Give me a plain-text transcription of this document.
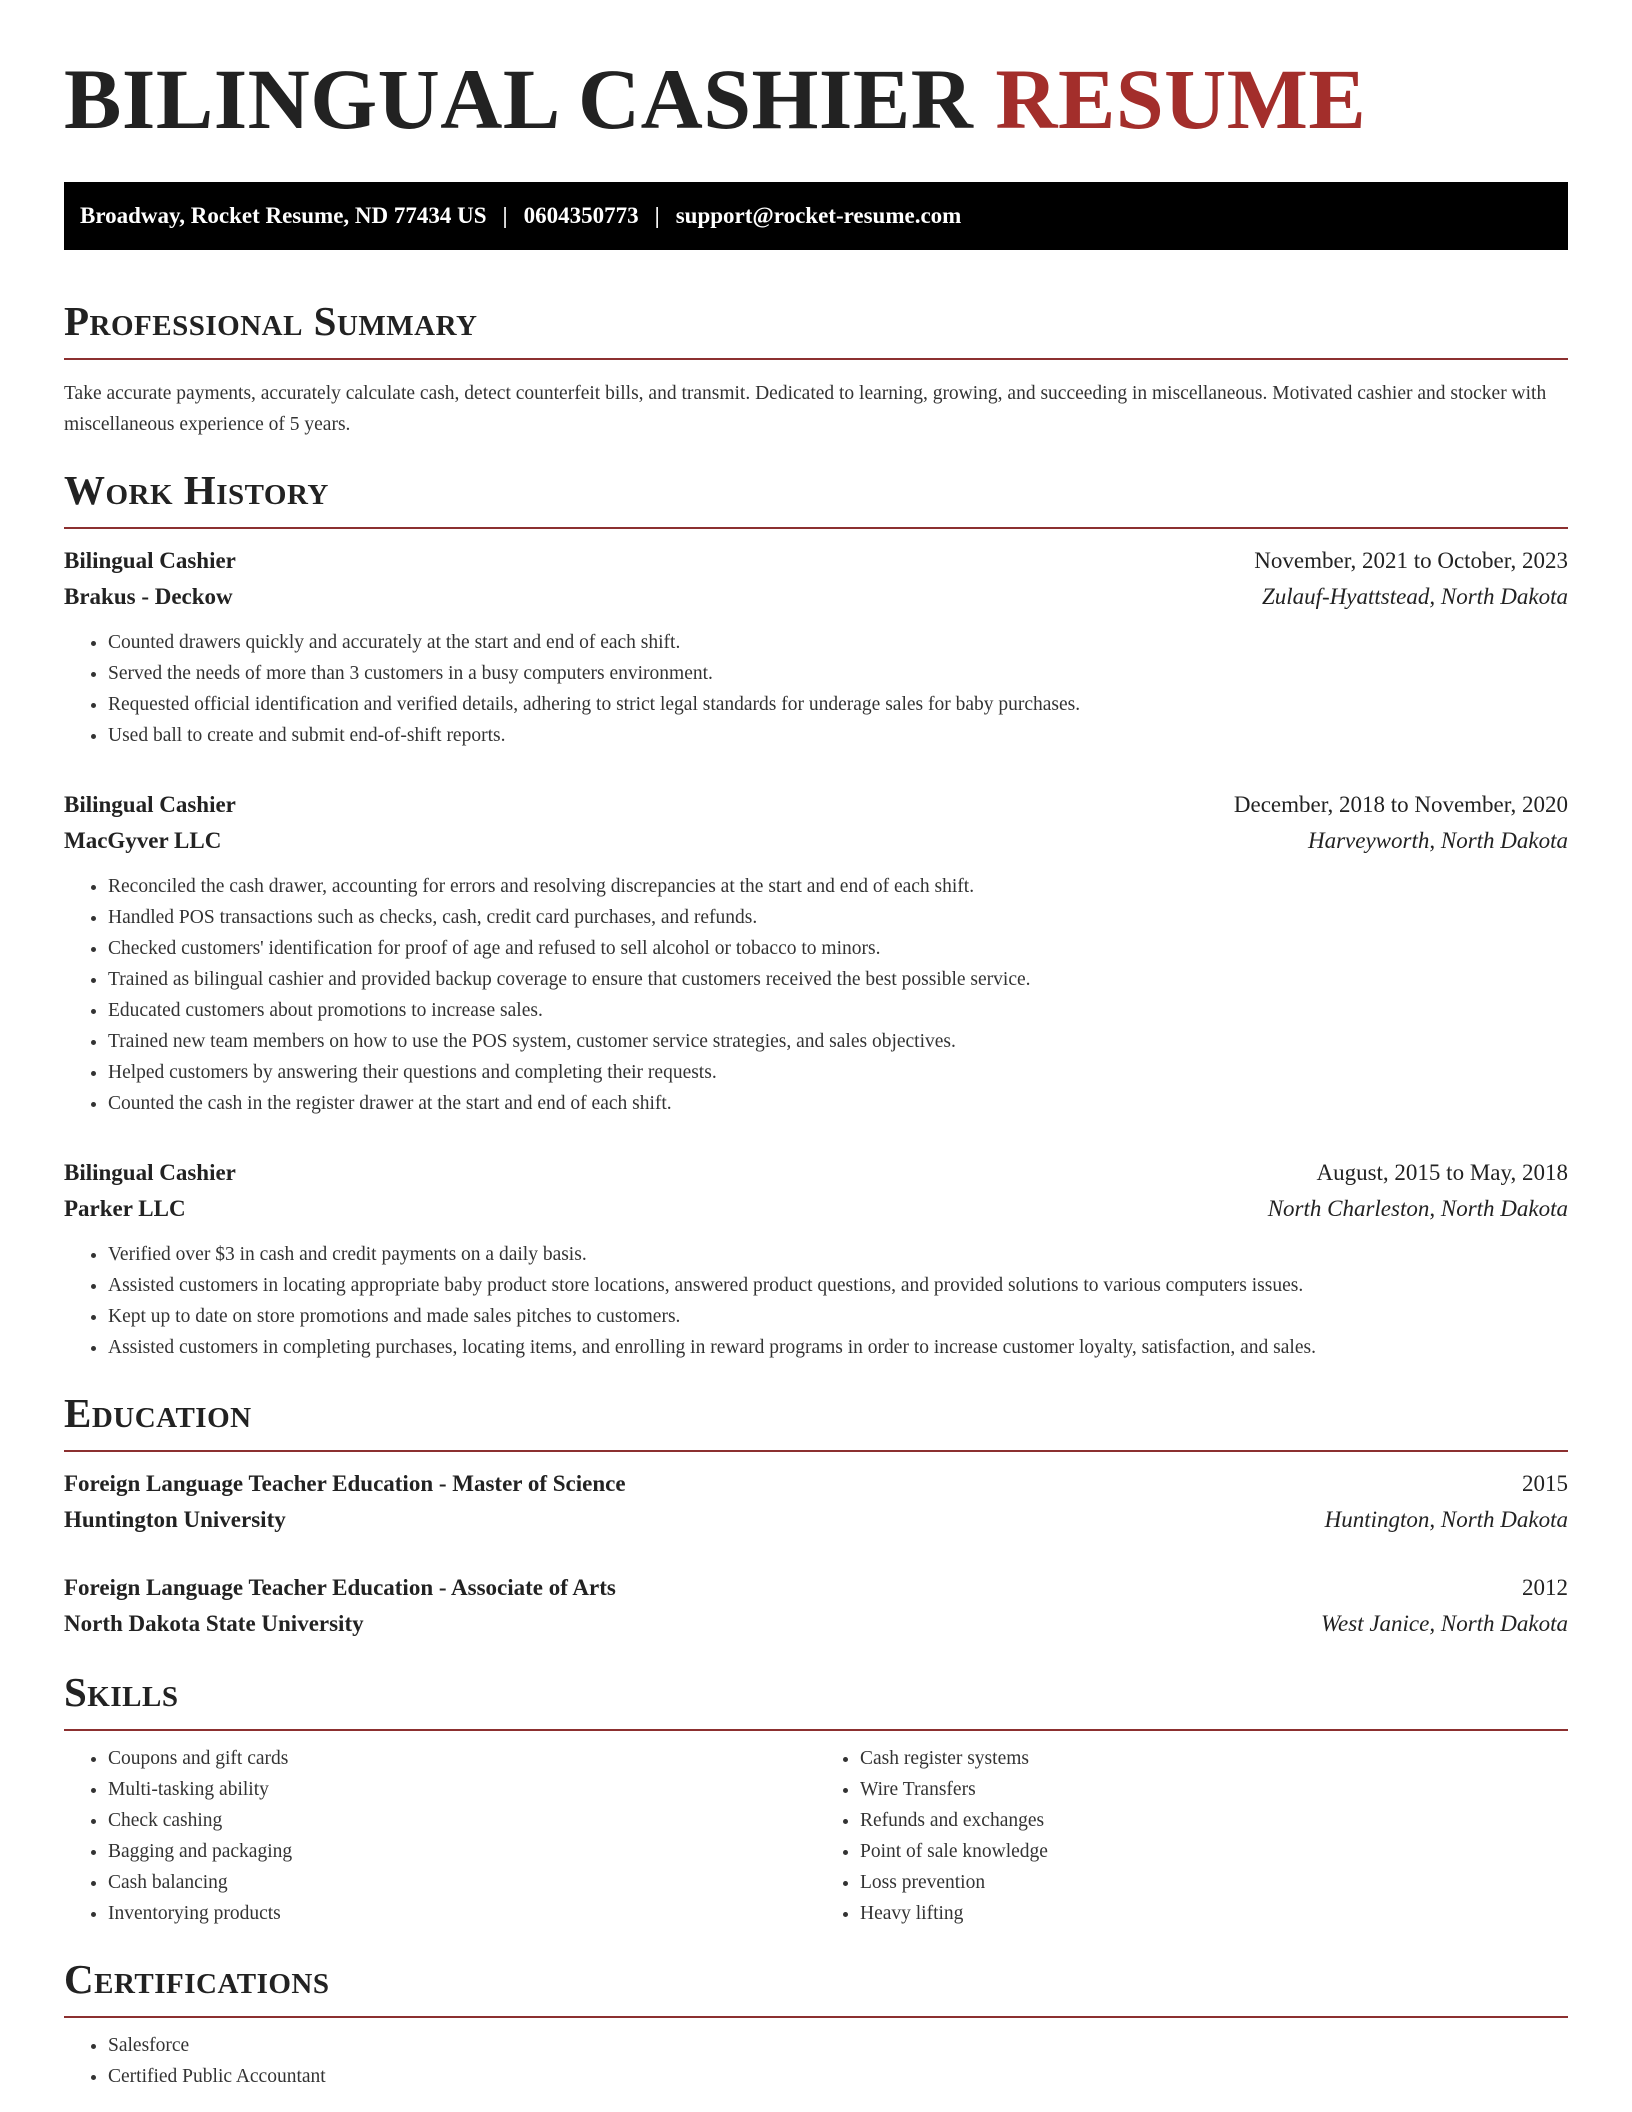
BILINGUAL CASHIER RESUME
Broadway, Rocket Resume, ND 77434 US | 0604350773 | support@rocket-resume.com
Professional Summary

Take accurate payments, accurately calculate cash, detect counterfeit bills, and transmit. Dedicated to learning, growing, and succeeding in miscellaneous. Motivated cashier and stocker with miscellaneous experience of 5 years.

Work History
Bilingual Cashier	November, 2021 to October, 2023
Brakus - Deckow	Zulauf-Hyattstead, North Dakota
• Counted drawers quickly and accurately at the start and end of each shift.
• Served the needs of more than 3 customers in a busy computers environment.
• Requested official identification and verified details, adhering to strict legal standards for underage sales for baby purchases.
• Used ball to create and submit end-of-shift reports.
Bilingual Cashier	December, 2018 to November, 2020
MacGyver LLC	Harveyworth, North Dakota
• Reconciled the cash drawer, accounting for errors and resolving discrepancies at the start and end of each shift.
• Handled POS transactions such as checks, cash, credit card purchases, and refunds.
• Checked customers' identification for proof of age and refused to sell alcohol or tobacco to minors.
• Trained as bilingual cashier and provided backup coverage to ensure that customers received the best possible service.
• Educated customers about promotions to increase sales.
• Trained new team members on how to use the POS system, customer service strategies, and sales objectives.
• Helped customers by answering their questions and completing their requests.
• Counted the cash in the register drawer at the start and end of each shift.
Bilingual Cashier	August, 2015 to May, 2018
Parker LLC	North Charleston, North Dakota
• Verified over $3 in cash and credit payments on a daily basis.
• Assisted customers in locating appropriate baby product store locations, answered product questions, and provided solutions to various computers issues.
• Kept up to date on store promotions and made sales pitches to customers.
• Assisted customers in completing purchases, locating items, and enrolling in reward programs in order to increase customer loyalty, satisfaction, and sales.
Education
Foreign Language Teacher Education - Master of Science	2015
Huntington University	Huntington, North Dakota
Foreign Language Teacher Education - Associate of Arts	2012
North Dakota State University	West Janice, North Dakota
Skills
• Coupons and gift cards
• Multi-tasking ability
• Check cashing
• Bagging and packaging
• Cash balancing
• Inventorying products
• Cash register systems
• Wire Transfers
• Refunds and exchanges
• Point of sale knowledge
• Loss prevention
• Heavy lifting
Certifications
• Salesforce
• Certified Public Accountant
